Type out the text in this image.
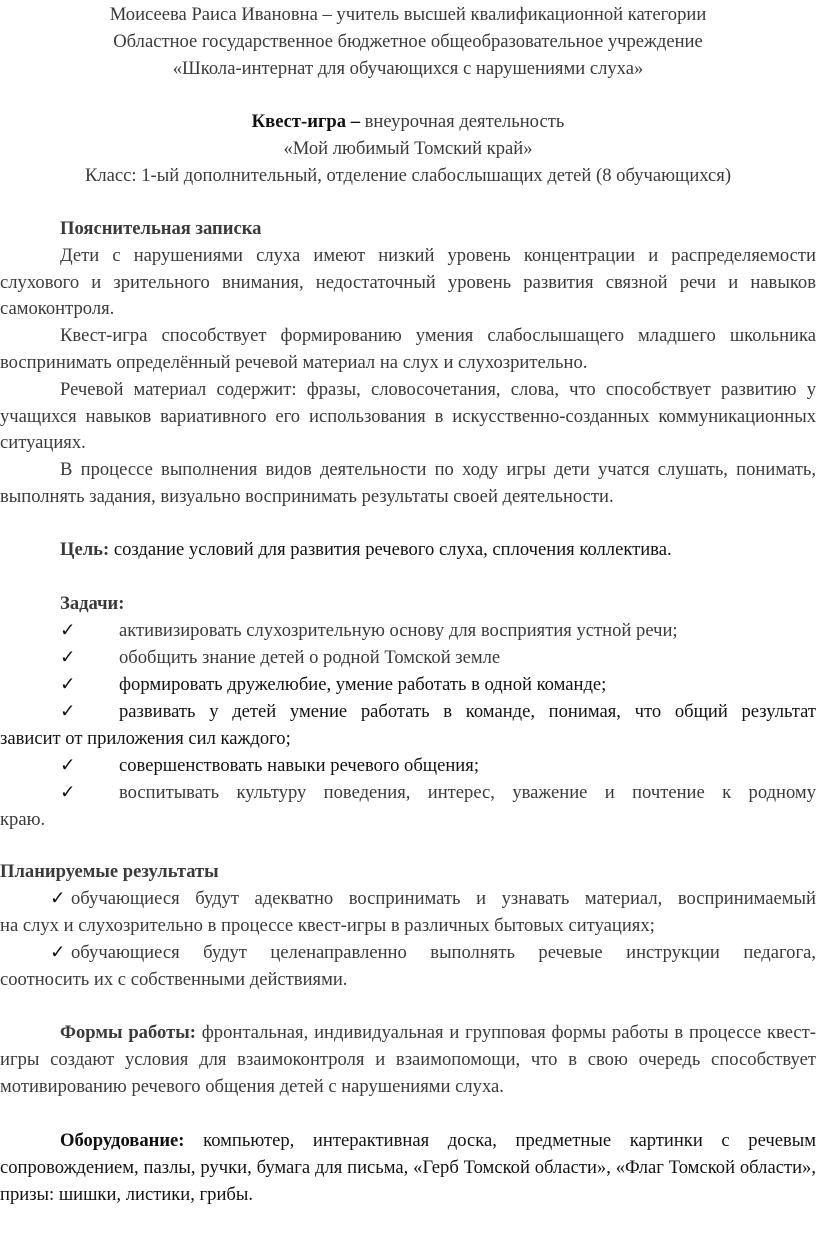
Моисеева Раиса Ивановна – учитель высшей квалификационной категории

Областное государственное бюджетное общеобразовательное учреждение

«Школа-интернат для обучающихся с нарушениями слуха»

Квест-игра – внеурочная деятельность

«Мой любимый Томский край»

Класс: 1-ый дополнительный, отделение слабослышащих детей (8 обучающихся)

Пояснительная записка

Дети с нарушениями слуха имеют низкий уровень концентрации и распределяемости слухового и зрительного внимания, недостаточный уровень развития связной речи и навыков самоконтроля.

Квест-игра способствует формированию умения слабослышащего младшего школьника воспринимать определённый речевой материал на слух и слухозрительно.

Речевой материал содержит: фразы, словосочетания, слова, что способствует развитию у учащихся навыков вариативного его использования в искусственно-созданных коммуникационных ситуациях.

В процессе выполнения видов деятельности по ходу игры дети учатся слушать, понимать, выполнять задания, визуально воспринимать результаты своей деятельности.

Цель: создание условий для развития речевого слуха, сплочения коллектива.

Задачи:

✓	активизировать слухозрительную основу для восприятия устной речи;
✓	обобщить знание детей о родной Томской земле
✓	формировать дружелюбие, умение работать в одной команде;
✓	развивать у детей умение работать в команде, понимая, что общий результат
зависит от приложения сил каждого;
✓	совершенствовать навыки речевого общения;
✓	воспитывать культуру поведения, интерес, уважение и почтение к родному
краю.

Планируемые результаты

✓ обучающиеся будут адекватно воспринимать и узнавать материал, воспринимаемый
на слух и слухозрительно в процессе квест-игры в различных бытовых ситуациях;
✓ обучающиеся будут целенаправленно выполнять речевые инструкции педагога,
соотносить их с собственными действиями.

Формы работы: фронтальная, индивидуальная и групповая формы работы в процессе квест-игры создают условия для взаимоконтроля и взаимопомощи, что в свою очередь способствует мотивированию речевого общения детей с нарушениями слуха.

Оборудование: компьютер, интерактивная доска, предметные картинки с речевым сопровождением, пазлы, ручки, бумага для письма, «Герб Томской области», «Флаг Томской области», призы: шишки, листики, грибы.
